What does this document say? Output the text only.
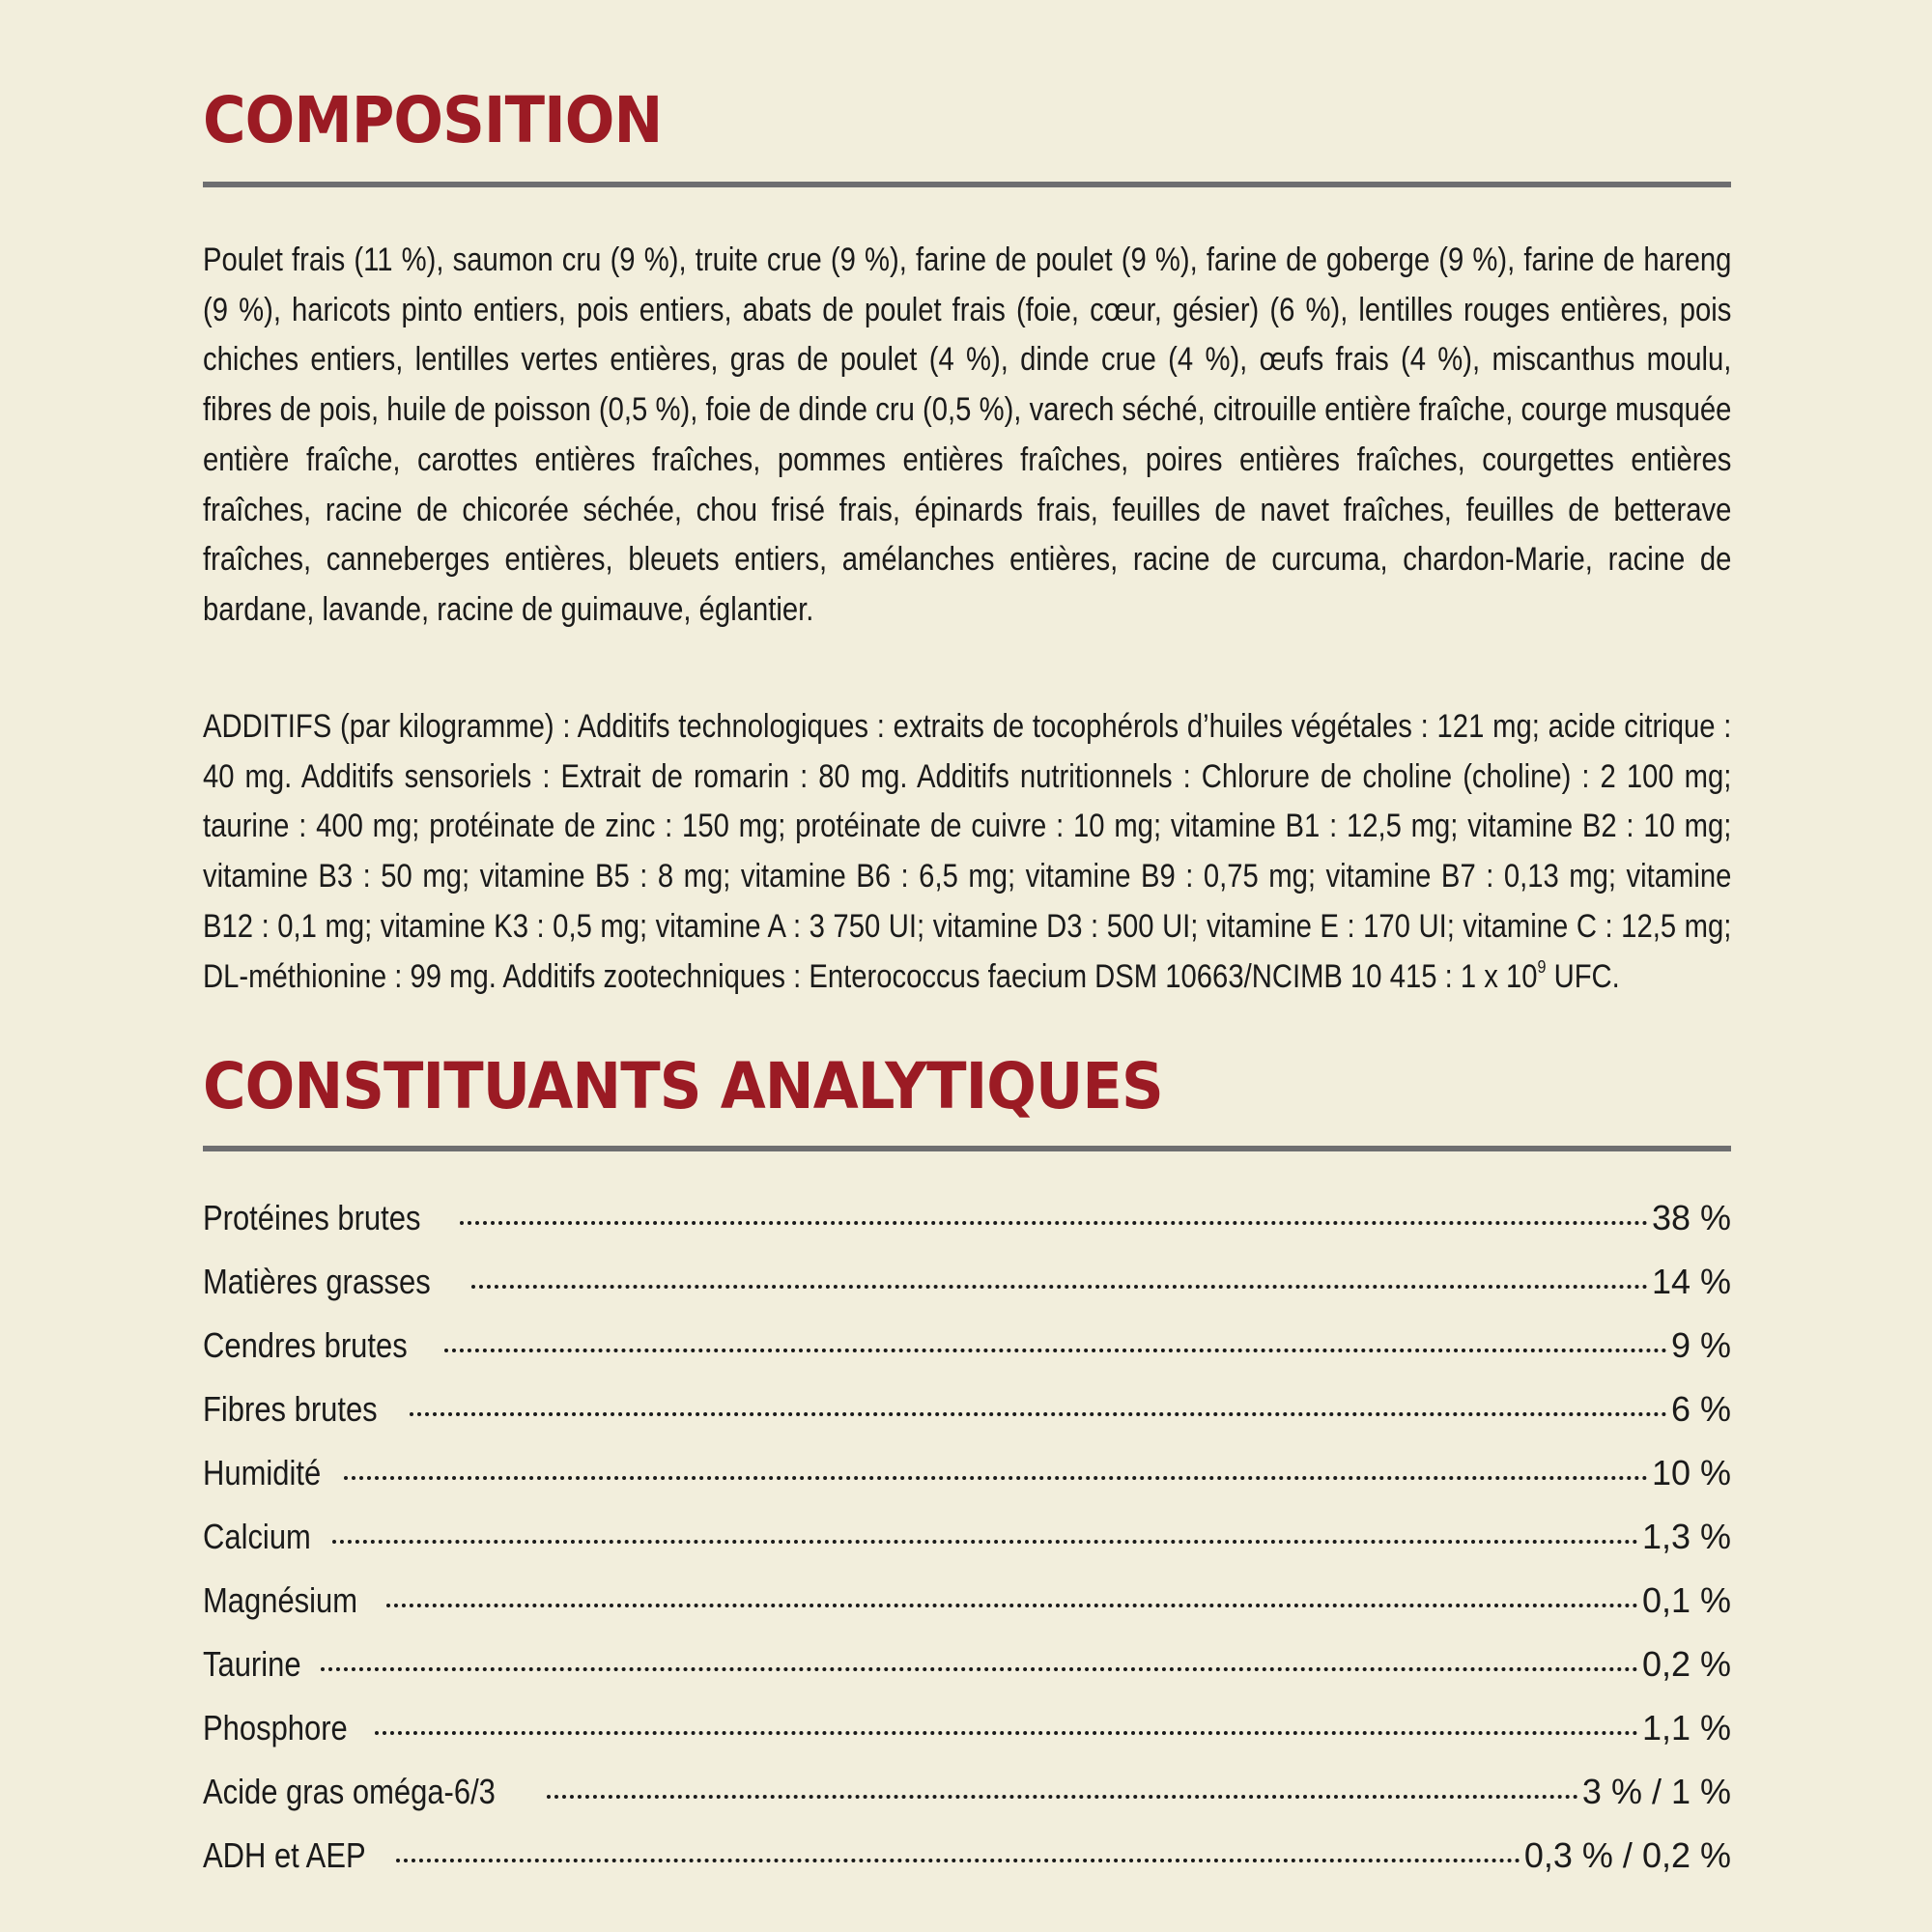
COMPOSITION

Poulet frais (11 %), saumon cru (9 %), truite crue (9 %), farine de poulet (9 %), farine de goberge (9 %), farine de hareng (9 %), haricots pinto entiers, pois entiers, abats de poulet frais (foie, cœur, gésier) (6 %), lentilles rouges entières, pois chiches entiers, lentilles vertes entières, gras de poulet (4 %), dinde crue (4 %), œufs frais (4 %), miscanthus moulu, fibres de pois, huile de poisson (0,5 %), foie de dinde cru (0,5 %), varech séché, citrouille entière fraîche, courge musquée entière fraîche, carottes entières fraîches, pommes entières fraîches, poires entières fraîches, courgettes entières fraîches, racine de chicorée séchée, chou frisé frais, épinards frais, feuilles de navet fraîches, feuilles de betterave fraîches, canneberges entières, bleuets entiers, amélanches entières, racine de curcuma, chardon-Marie, racine de bardane, lavande, racine de guimauve, églantier.

ADDITIFS (par kilogramme) : Additifs technologiques : extraits de tocophérols d’huiles végétales : 121 mg; acide citrique : 40 mg. Additifs sensoriels : Extrait de romarin : 80 mg. Additifs nutritionnels : Chlorure de choline (choline) : 2 100 mg; taurine : 400 mg; protéinate de zinc : 150 mg; protéinate de cuivre : 10 mg; vitamine B1 : 12,5 mg; vitamine B2 : 10 mg; vitamine B3 : 50 mg; vitamine B5 : 8 mg; vitamine B6 : 6,5 mg; vitamine B9 : 0,75 mg; vitamine B7 : 0,13 mg; vitamine B12 : 0,1 mg; vitamine K3 : 0,5 mg; vitamine A : 3 750 UI; vitamine D3 : 500 UI; vitamine E : 170 UI; vitamine C : 12,5 mg; DL-méthionine : 99 mg. Additifs zootechniques : Enterococcus faecium DSM 10663/NCIMB 10 415 : 1 x $10^9$ UFC.

CONSTITUANTS ANALYTIQUES
Protéines brutes	38 %
Matières grasses	14 %
Cendres brutes	9 %
Fibres brutes	6 %
Humidité	10 %
Calcium	1,3 %
Magnésium	0,1 %
Taurine	0,2 %
Phosphore	1,1 %
Acide gras oméga-6/3	3 % / 1 %
ADH et AEP	0,3 % / 0,2 %
